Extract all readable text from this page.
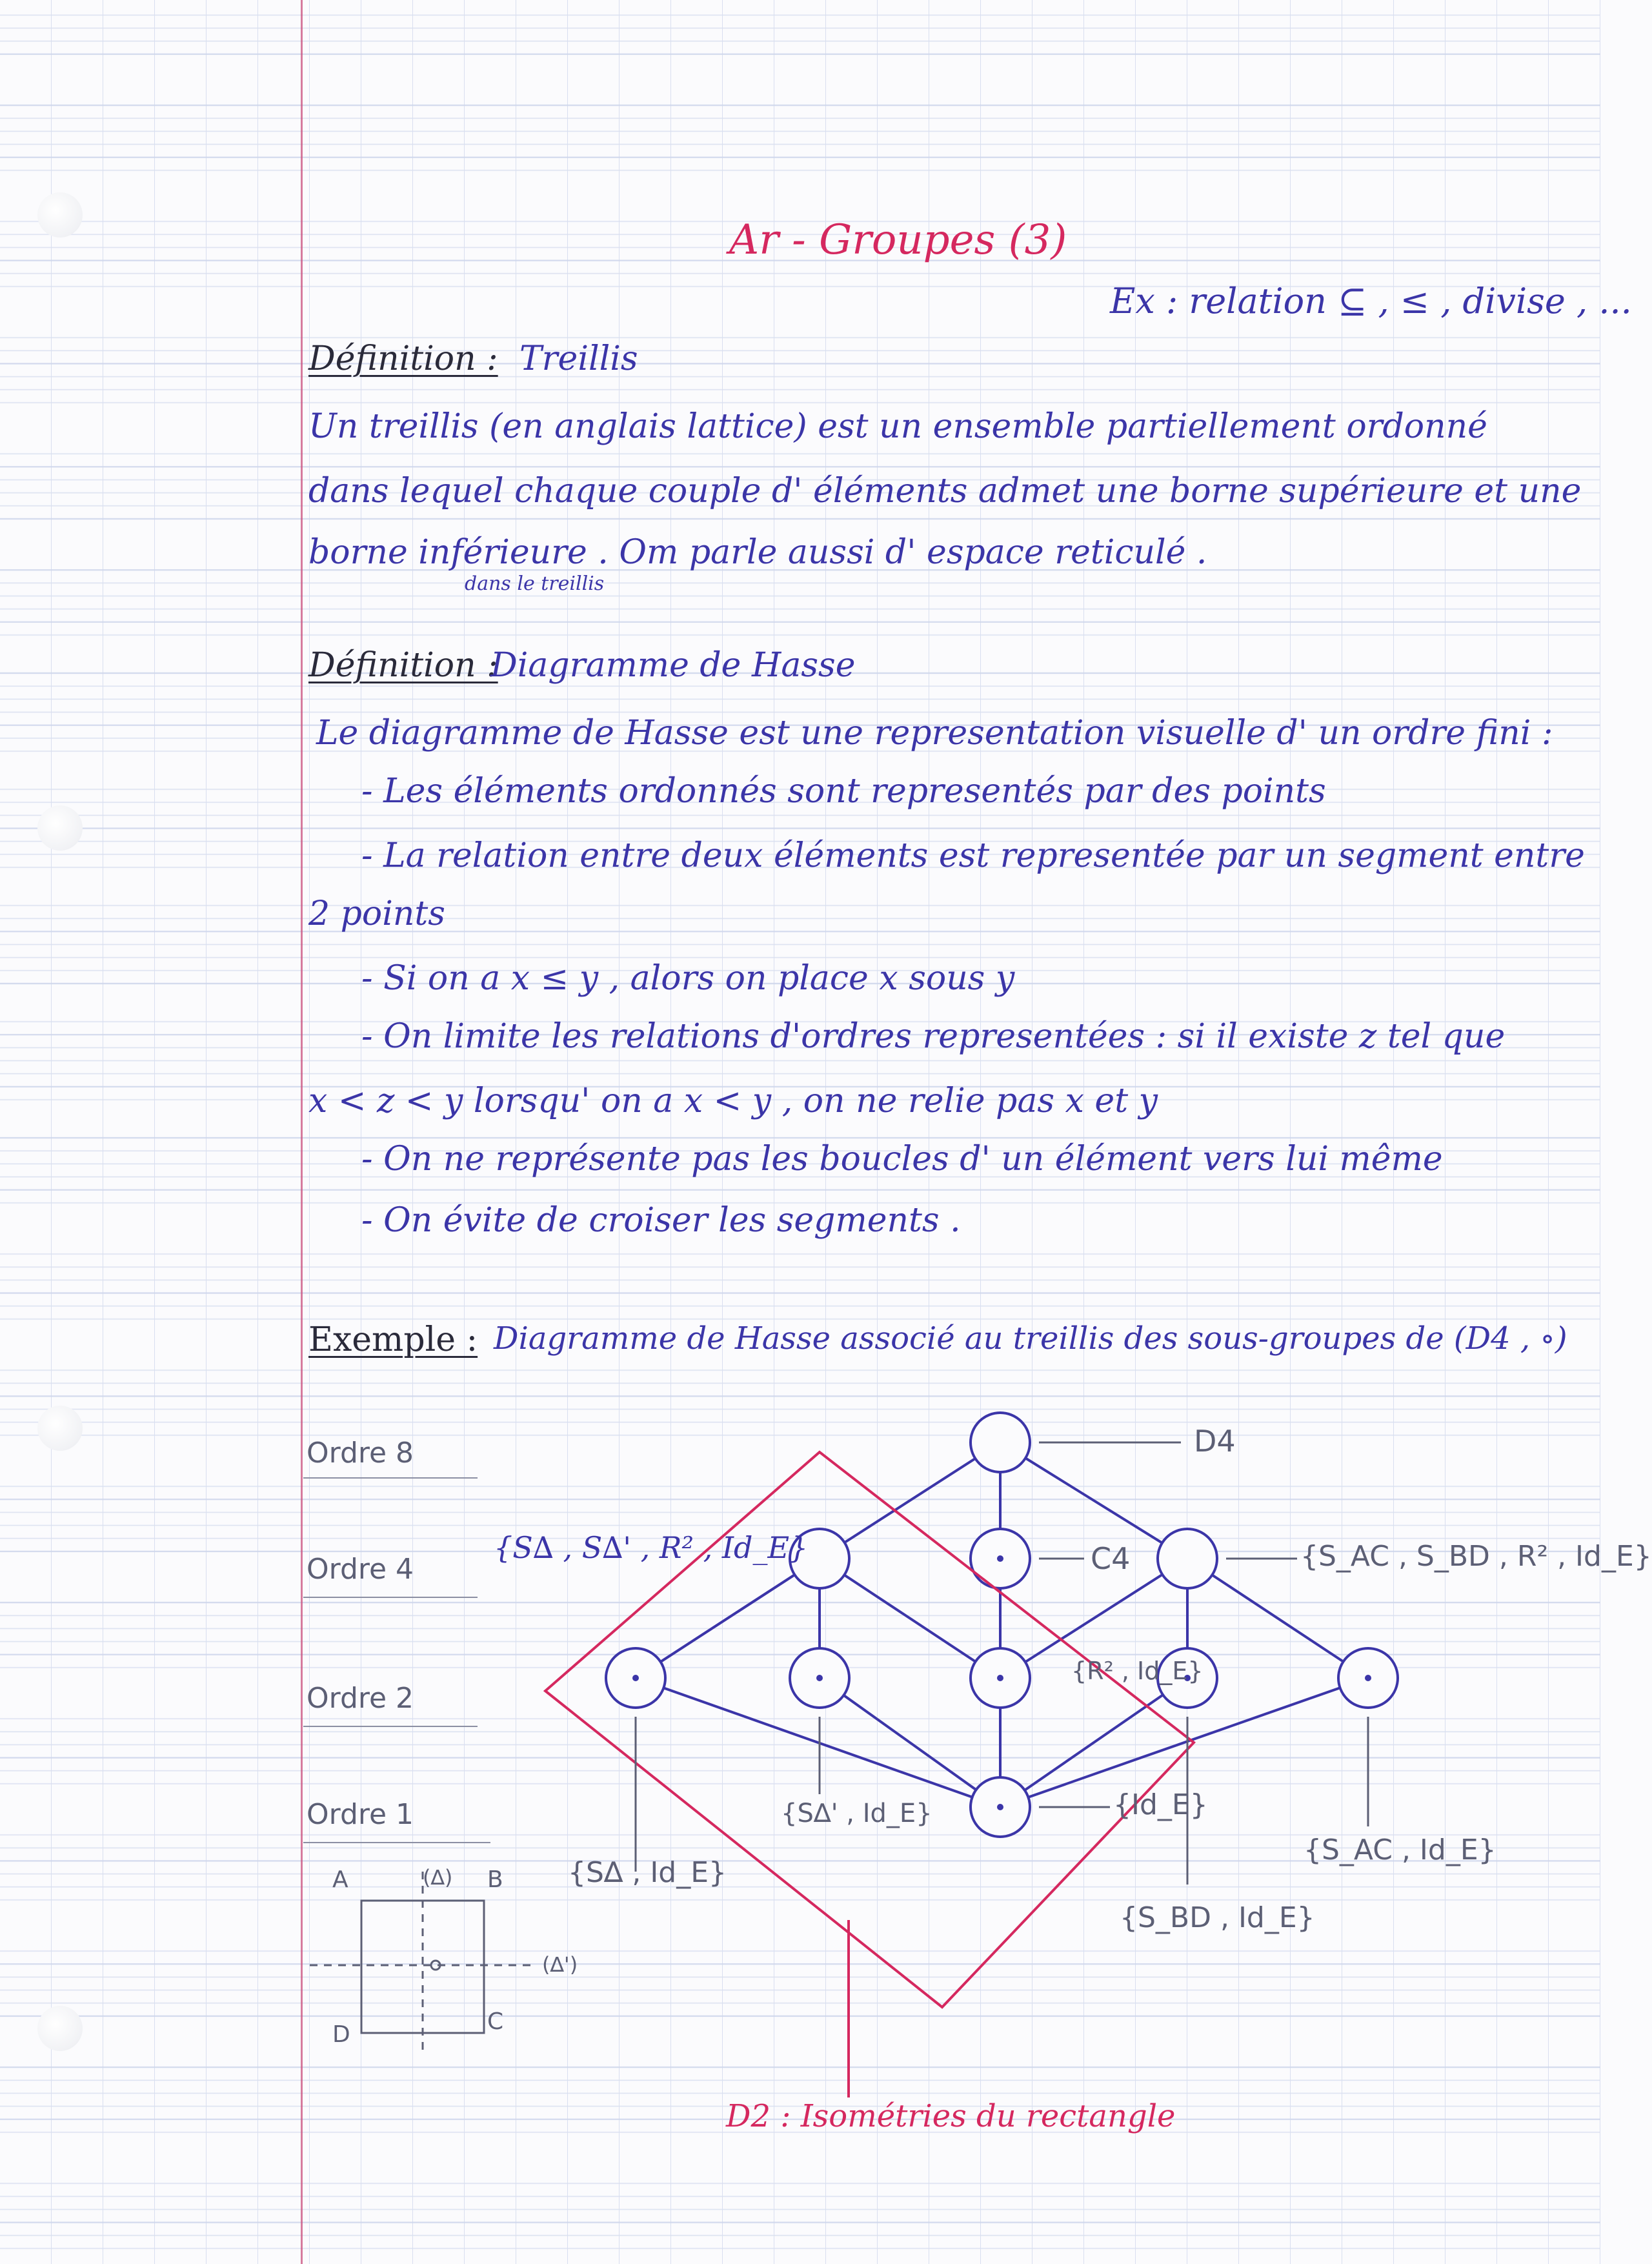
Ar - Groupes (3)
Ex : relation ⊆ , ≤ , divise , ...
Définition : Treillis
Un treillis (en anglais lattice) est un ensemble partiellement ordonné
dans lequel chaque couple d' éléments admet une borne supérieure et une
borne inférieure . Om parle aussi d' espace reticulé .
dans le treillis
Définition :
Diagramme de Hasse
Le diagramme de Hasse est une representation visuelle d' un ordre fini :
- Les éléments ordonnés sont representés par des points
- La relation entre deux éléments est representée par un segment entre
2 points
- Si on a x ≤ y , alors on place x sous y
- On limite les relations d'ordres representées : si il existe z tel que
x < z < y lorsqu' on a x < y , on ne relie pas x et y
- On ne représente pas les boucles d' un élément vers lui même
- On évite de croiser les segments .
Exemple : Diagramme de Hasse associé au treillis des sous-groupes de (D4 , ∘)
Ordre 8
Ordre 4
Ordre 2
Ordre 1
D4
C4
{S∆ , S∆' , R² , Id_E}	{S_AC , S_BD , R² , Id_E}
{R² , Id_E}
{S∆ , Id_E}
{S∆' , Id_E}	{Id_E}
{S_BD , Id_E}
{S_AC , Id_E}
D2 : Isométries du rectangle
A	B
C
D
(∆)
(∆')
